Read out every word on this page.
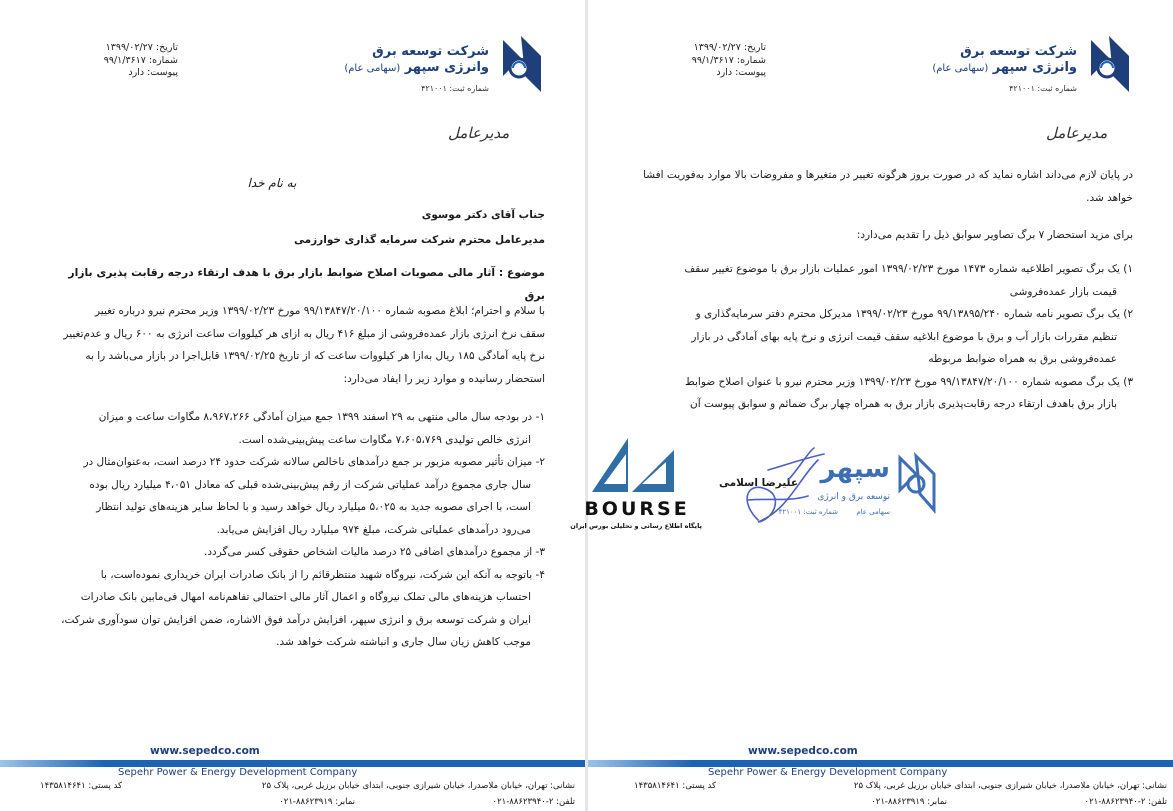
شرکت توسعه برق
وانرژی سپهر (سهامی عام)
شماره ثبت: ۴۲۱۰۰۱
تاریخ: ۱۳۹۹/۰۲/۲۷
شماره: ۹۹/۱/۳۶۱۷
پیوست: دارد
مدیرعامل
به نام خدا
جناب آقای دکتر موسوی
مدیرعامل محترم شرکت سرمایه گذاری خوارزمی
موضوع : آثار مالی مصوبات اصلاح ضوابط بازار برق با هدف ارتقاء درجه رقابت پذیری بازار برق
با سلام و احترام؛ ابلاغ مصوبه شماره ۹۹/۱۳۸۴۷/۲۰/۱۰۰ مورخ ۱۳۹۹/۰۲/۲۳ وزیر محترم نیرو درباره تغییر
سقف نرخ انرژی بازار عمده‌فروشی از مبلغ ۴۱۶ ریال به ازای هر کیلووات ساعت انرژی به ۶۰۰ ریال و عدم‌تغییر
نرخ پایه آمادگی ۱۸۵ ریال به‌ازا هر کیلووات ساعت که از تاریخ ۱۳۹۹/۰۲/۲۵ قابل‌اجرا در بازار می‌باشد را به
استحضار رسانیده و موارد زیر را ایفاد می‌دارد:
۱- در بودجه سال مالی منتهی به ۲۹ اسفند ۱۳۹۹ جمع میزان آمادگی ۸،۹۶۷،۲۶۶ مگاوات ساعت و میزان
انرژی خالص تولیدی ۷،۶۰۵،۷۶۹ مگاوات ساعت پیش‌بینی‌شده است.
۲- میزان تأثیر مصوبه مزبور بر جمع درآمدهای ناخالص سالانه شرکت حدود ۲۴ درصد است، به‌عنوان‌مثال در
سال جاری مجموع درآمد عملیاتی شرکت از رقم پیش‌بینی‌شده قبلی که معادل ۴،۰۵۱ میلیارد ریال بوده
است، با اجرای مصوبه جدید به ۵،۰۲۵ میلیارد ریال خواهد رسید و با لحاظ سایر هزینه‌های تولید انتظار
می‌رود درآمدهای عملیاتی شرکت، مبلغ ۹۷۴ میلیارد ریال افزایش می‌یابد.
۳- از مجموع درآمدهای اضافی ۲۵ درصد مالیات اشخاص حقوقی کسر می‌گردد.
۴- باتوجه به آنکه این شرکت، نیروگاه شهید منتظرقائم را از بانک صادرات ایران خریداری نموده‌است، با
احتساب هزینه‌های مالی تملک نیروگاه و اعمال آثار مالی احتمالی تفاهم‌نامه امهال فی‌مابین بانک صادرات
ایران و شرکت توسعه برق و انرژی سپهر، افزایش درآمد فوق الاشاره، ضمن افزایش توان سودآوری شرکت،
موجب کاهش زیان سال جاری و انباشته شرکت خواهد شد.
www.sepedco.com
Sepehr Power & Energy Development Company
نشانی: تهران، خیابان ملاصدرا، خیابان شیرازی جنوبی، ابتدای خیابان برزیل غربی، پلاک ۲۵
کد پستی: ۱۴۳۵۸۱۴۶۴۱
تلفن: ۲-۸۸۶۲۳۹۴۰-۰۲۱
نمابر: ۸۸۶۲۳۹۱۹-۰۲۱
شرکت توسعه برق
وانرژی سپهر (سهامی عام)
شماره ثبت: ۴۲۱۰۰۱
تاریخ: ۱۳۹۹/۰۲/۲۷
شماره: ۹۹/۱/۳۶۱۷
پیوست: دارد
مدیرعامل
در پایان لازم می‌داند اشاره نماید که در صورت بروز هرگونه تغییر در متغیرها و مفروضات بالا موارد به‌فوریت افشا
خواهد شد.
برای مزید استحضار ۷ برگ تصاویر سوابق ذیل را تقدیم می‌دارد:
۱) یک برگ تصویر اطلاعیه شماره ۱۴۷۳ مورخ ۱۳۹۹/۰۲/۲۳ امور عملیات بازار برق با موضوع تغییر سقف
قیمت بازار عمده‌فروشی
۲) یک برگ تصویر نامه شماره ۹۹/۱۳۸۹۵/۲۴۰ مورخ ۱۳۹۹/۰۲/۲۳ مدیرکل محترم دفتر سرمایه‌گذاری و
تنظیم مقررات بازار آب و برق با موضوع ابلاغیه سقف قیمت انرژی و نرخ پایه بهای آمادگی در بازار
عمده‌فروشی برق به همراه ضوابط مربوطه
۳) یک برگ مصوبه شماره ۹۹/۱۳۸۴۷/۲۰/۱۰۰ مورخ ۱۳۹۹/۰۲/۲۳ وزیر محترم نیرو با عنوان اصلاح ضوابط
بازار برق باهدف ارتقاء درجه رقابت‌پذیری بازار برق به همراه چهار برگ ضمائم و سوابق پیوست آن
سپهر
توسعه برق و انرژی
سهامی عام
شماره ثبت: ۴۲۱۰۰۱
علیرضا اسلامی
www.sepedco.com
Sepehr Power & Energy Development Company
نشانی: تهران، خیابان ملاصدرا، خیابان شیرازی جنوبی، ابتدای خیابان برزیل غربی، پلاک ۲۵
کد پستی: ۱۴۳۵۸۱۴۶۴۱
تلفن: ۲-۸۸۶۲۳۹۴۰-۰۲۱
نمابر: ۸۸۶۲۳۹۱۹-۰۲۱
BOURSE
پایگاه اطلاع رسانی و تحلیلی بورس ایران
